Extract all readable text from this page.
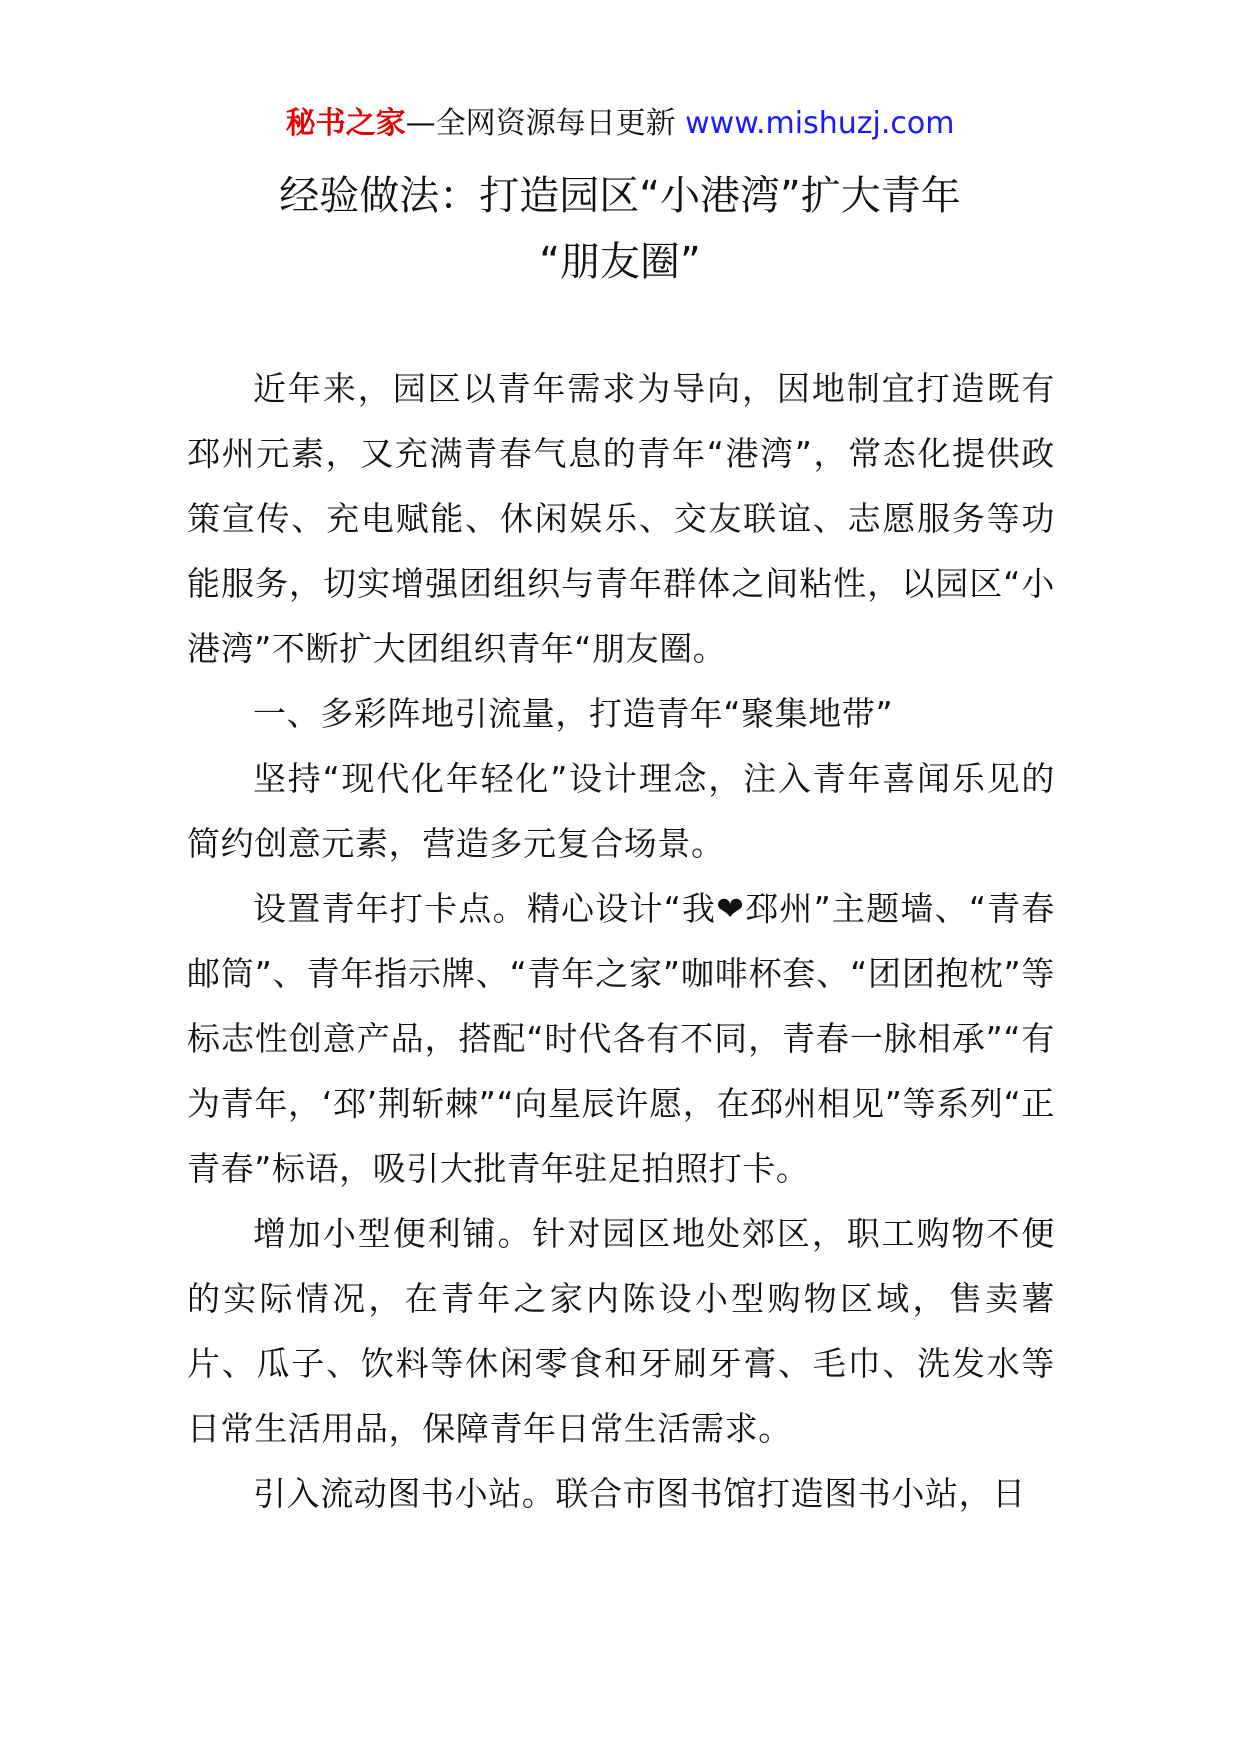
秘书之家—全网资源每日更新 www.mishuzj.com
经验做法：打造园区“小港湾”扩大青年
“朋友圈”

近年来，园区以青年需求为导向，因地制宜打造既有邳州元素，又充满青春气息的青年“港湾”，常态化提供政策宣传、充电赋能、休闲娱乐、交友联谊、志愿服务等功能服务，切实增强团组织与青年群体之间粘性，以园区“小港湾”不断扩大团组织青年“朋友圈。

一、多彩阵地引流量，打造青年“聚集地带”

坚持“现代化年轻化”设计理念，注入青年喜闻乐见的简约创意元素，营造多元复合场景。

设置青年打卡点。精心设计“我❤邳州”主题墙、“青春邮筒”、青年指示牌、“青年之家”咖啡杯套、“团团抱枕”等标志性创意产品，搭配“时代各有不同，青春一脉相承”“有为青年，‘邳’荆斩棘”“向星辰许愿，在邳州相见”等系列“正青春”标语，吸引大批青年驻足拍照打卡。

增加小型便利铺。针对园区地处郊区，职工购物不便的实际情况，在青年之家内陈设小型购物区域，售卖薯片、瓜子、饮料等休闲零食和牙刷牙膏、毛巾、洗发水等日常生活用品，保障青年日常生活需求。

引入流动图书小站。联合市图书馆打造图书小站，日
